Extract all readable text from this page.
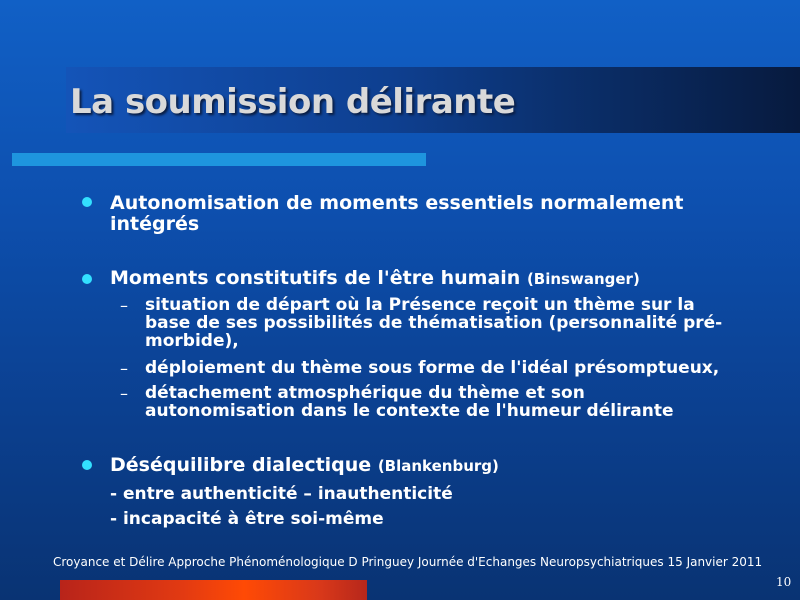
La soumission délirante
Autonomisation de moments essentiels normalement
intégrés
Moments constitutifs de l'être humain (Binswanger)
– situation de départ où la Présence reçoit un thème sur la
base de ses possibilités de thématisation (personnalité pré-
morbide),
– déploiement du thème sous forme de l'idéal présomptueux,
– détachement atmosphérique du thème et son
autonomisation dans le contexte de l'humeur délirante
Déséquilibre dialectique (Blankenburg)
- entre authenticité – inauthenticité
- incapacité à être soi-même
Croyance et Délire Approche Phénoménologique D Pringuey Journée d'Echanges Neuropsychiatriques 15 Janvier 2011
10
